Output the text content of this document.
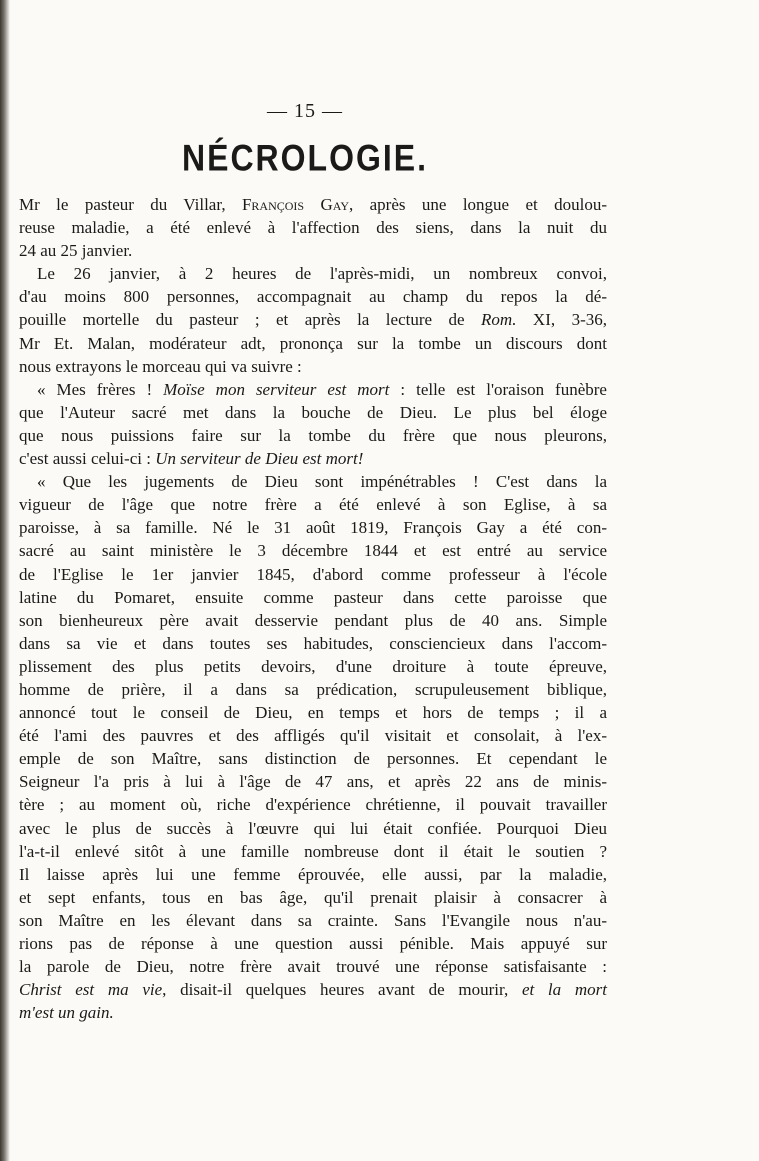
— 15 —
NÉCROLOGIE.
Mr le pasteur du Villar, François Gay, après une longue et doulou-
reuse maladie, a été enlevé à l'affection des siens, dans la nuit du
24 au 25 janvier.
Le 26 janvier, à 2 heures de l'après-midi, un nombreux convoi,
d'au moins 800 personnes, accompagnait au champ du repos la dé-
pouille mortelle du pasteur ; et après la lecture de Rom. XI, 3-36,
Mr Et. Malan, modérateur adt, prononça sur la tombe un discours dont
nous extrayons le morceau qui va suivre :
« Mes frères ! Moïse mon serviteur est mort : telle est l'oraison funèbre
que l'Auteur sacré met dans la bouche de Dieu. Le plus bel éloge
que nous puissions faire sur la tombe du frère que nous pleurons,
c'est aussi celui-ci : Un serviteur de Dieu est mort!
« Que les jugements de Dieu sont impénétrables ! C'est dans la
vigueur de l'âge que notre frère a été enlevé à son Eglise, à sa
paroisse, à sa famille. Né le 31 août 1819, François Gay a été con-
sacré au saint ministère le 3 décembre 1844 et est entré au service
de l'Eglise le 1er janvier 1845, d'abord comme professeur à l'école
latine du Pomaret, ensuite comme pasteur dans cette paroisse que
son bienheureux père avait desservie pendant plus de 40 ans. Simple
dans sa vie et dans toutes ses habitudes, consciencieux dans l'accom-
plissement des plus petits devoirs, d'une droiture à toute épreuve,
homme de prière, il a dans sa prédication, scrupuleusement biblique,
annoncé tout le conseil de Dieu, en temps et hors de temps ; il a
été l'ami des pauvres et des affligés qu'il visitait et consolait, à l'ex-
emple de son Maître, sans distinction de personnes. Et cependant le
Seigneur l'a pris à lui à l'âge de 47 ans, et après 22 ans de minis-
tère ; au moment où, riche d'expérience chrétienne, il pouvait travailler
avec le plus de succès à l'œuvre qui lui était confiée. Pourquoi Dieu
l'a-t-il enlevé sitôt à une famille nombreuse dont il était le soutien ?
Il laisse après lui une femme éprouvée, elle aussi, par la maladie,
et sept enfants, tous en bas âge, qu'il prenait plaisir à consacrer à
son Maître en les élevant dans sa crainte. Sans l'Evangile nous n'au-
rions pas de réponse à une question aussi pénible. Mais appuyé sur
la parole de Dieu, notre frère avait trouvé une réponse satisfaisante :
Christ est ma vie, disait-il quelques heures avant de mourir, et la mort
m'est un gain.
